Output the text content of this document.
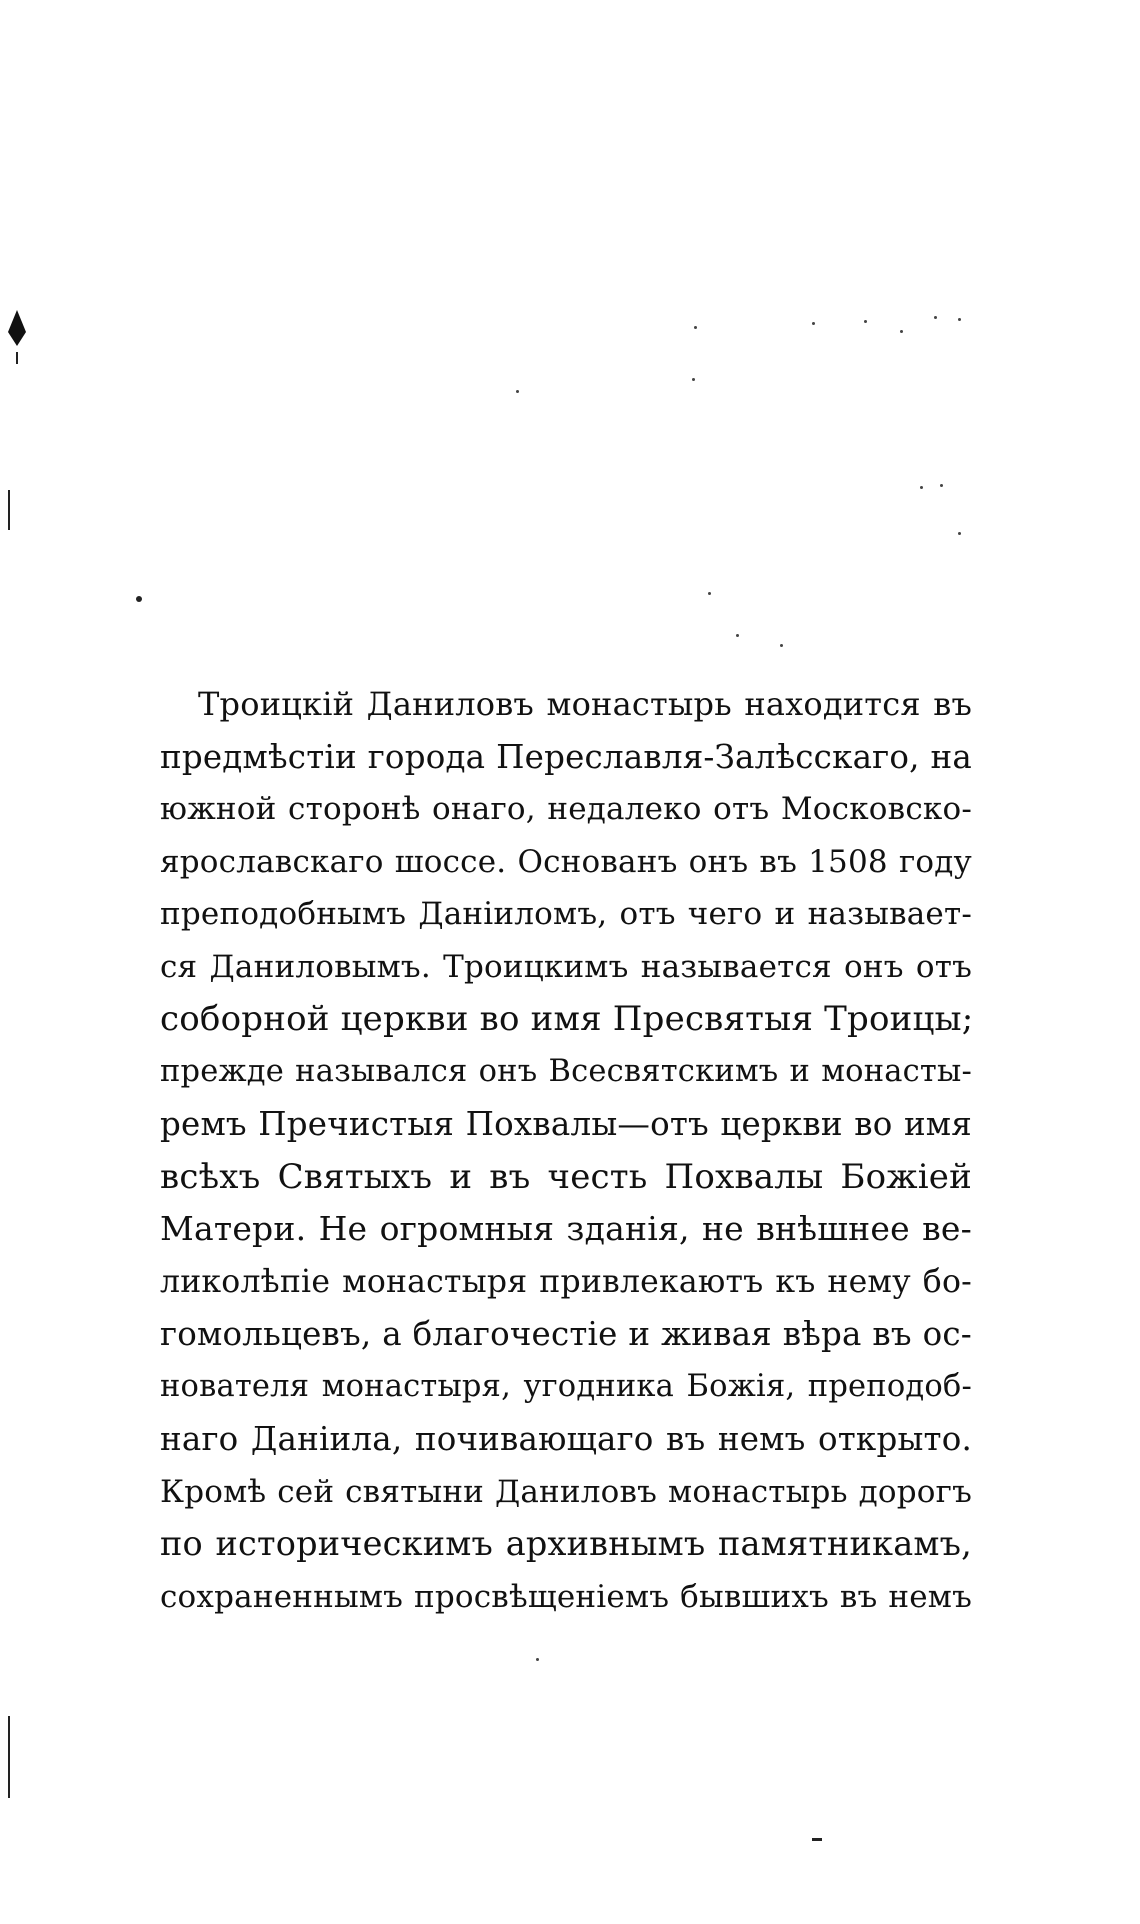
Троицкій Даниловъ монастырь находится въ
предмѣстіи города Переславля-Залѣсскаго, на
южной сторонѣ онаго, недалеко отъ Московско-
ярославскаго шоссе. Основанъ онъ въ 1508 году
преподобнымъ Даніиломъ, отъ чего и называет-
ся Даниловымъ. Троицкимъ называется онъ отъ
соборной церкви во имя Пресвятыя Троицы;
прежде назывался онъ Всесвятскимъ и монасты-
ремъ Пречистыя Похвалы—отъ церкви во имя
всѣхъ Святыхъ и въ честь Похвалы Божіей
Матери. Не огромныя зданія, не внѣшнее ве-
ликолѣпіе монастыря привлекаютъ къ нему бо-
гомольцевъ, а благочестіе и живая вѣра въ ос-
нователя монастыря, угодника Божія, преподоб-
наго Даніила, почивающаго въ немъ открыто.
Кромѣ сей святыни Даниловъ монастырь дорогъ
по историческимъ архивнымъ памятникамъ,
сохраненнымъ просвѣщеніемъ бывшихъ въ немъ
